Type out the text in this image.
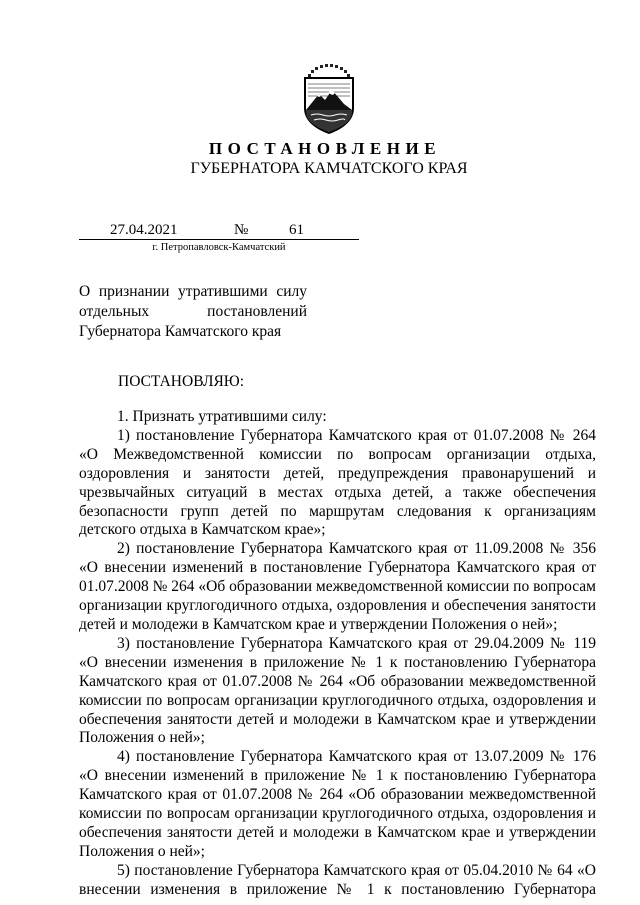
ПОСТАНОВЛЕНИЕ
ГУБЕРНАТОРА КАМЧАТСКОГО КРАЯ
27.04.2021	№	61
г. Петропавловск-Камчатский
О признании утратившими силу
отдельных постановлений
Губернатора Камчатского края
ПОСТАНОВЛЯЮ:

1. Признать утратившими силу:

1) постановление Губернатора Камчатского края от 01.07.2008 № 264 «О Межведомственной комиссии по вопросам организации отдыха, оздоровления и занятости детей, предупреждения правонарушений и чрезвычайных ситуаций в местах отдыха детей, а также обеспечения безопасности групп детей по маршрутам следования к организациям детского отдыха в Камчатском крае»;

2) постановление Губернатора Камчатского края от 11.09.2008 № 356 «О внесении изменений в постановление Губернатора Камчатского края от 01.07.2008 № 264 «Об образовании межведомственной комиссии по вопросам организации круглогодичного отдыха, оздоровления и обеспечения занятости детей и молодежи в Камчатском крае и утверждении Положения о ней»;

3) постановление Губернатора Камчатского края от 29.04.2009 № 119 «О внесении изменения в приложение № 1 к постановлению Губернатора Камчатского края от 01.07.2008 № 264 «Об образовании межведомственной комиссии по вопросам организации круглогодичного отдыха, оздоровления и обеспечения занятости детей и молодежи в Камчатском крае и утверждении Положения о ней»;

4) постановление Губернатора Камчатского края от 13.07.2009 № 176 «О внесении изменений в приложение № 1 к постановлению Губернатора Камчатского края от 01.07.2008 № 264 «Об образовании межведомственной комиссии по вопросам организации круглогодичного отдыха, оздоровления и обеспечения занятости детей и молодежи в Камчатском крае и утверждении Положения о ней»;

5) постановление Губернатора Камчатского края от 05.04.2010 № 64 «О внесении изменения в приложение № 1 к постановлению Губернатора
